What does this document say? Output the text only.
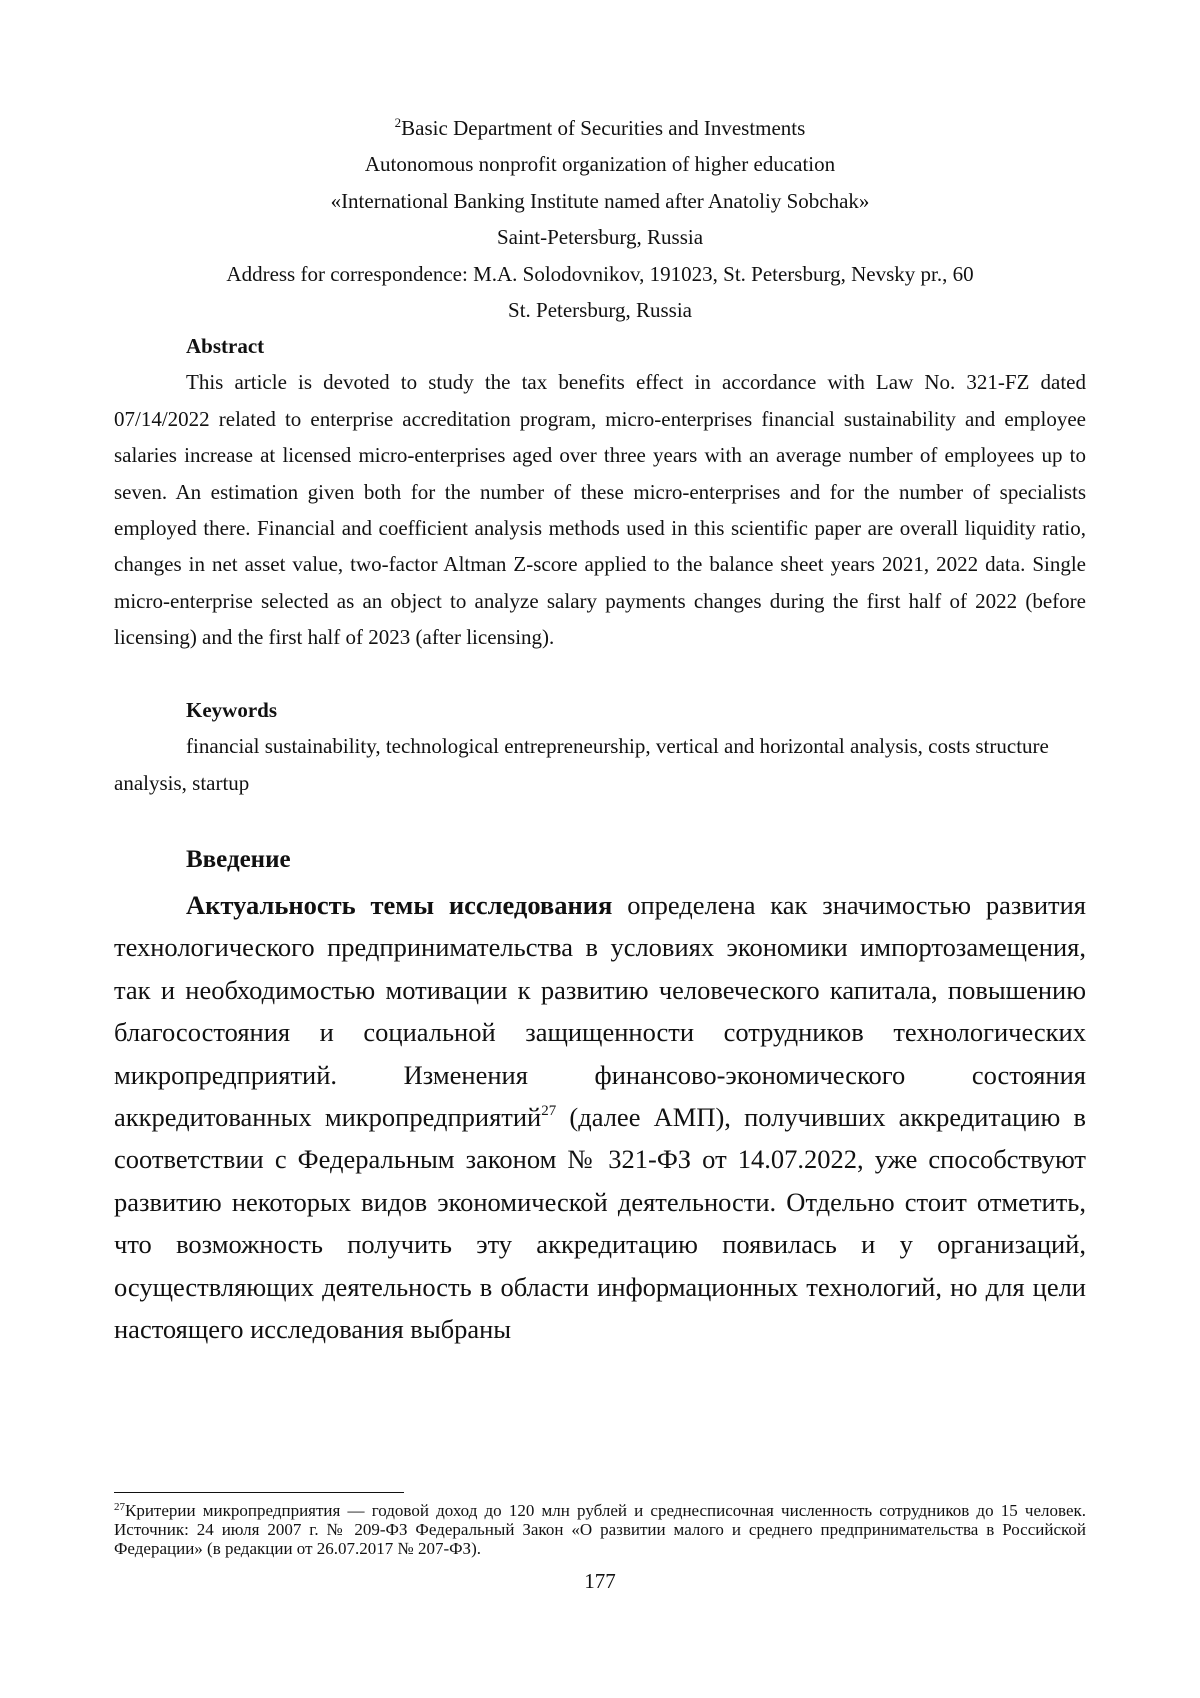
$^2$Basic Department of Securities and Investments
Autonomous nonprofit organization of higher education
«International Banking Institute named after Anatoliy Sobchak»
Saint-Petersburg, Russia
Address for correspondence: M.A. Solodovnikov, 191023, St. Petersburg, Nevsky pr., 60
St. Petersburg, Russia
Abstract

This article is devoted to study the tax benefits effect in accordance with Law No. 321-FZ dated 07/14/2022 related to enterprise accreditation program, micro-enterprises financial sustainability and employee salaries increase at licensed micro-enterprises aged over three years with an average number of employees up to seven. An estimation given both for the number of these micro-enterprises and for the number of specialists employed there. Financial and coefficient analysis methods used in this scientific paper are overall liquidity ratio, changes in net asset value, two-factor Altman Z-score applied to the balance sheet years 2021, 2022 data. Single micro-enterprise selected as an object to analyze salary payments changes during the first half of 2022 (before licensing) and the first half of 2023 (after licensing).

Keywords

financial sustainability, technological entrepreneurship, vertical and horizontal analysis, costs structure analysis, startup

Введение

Актуальность темы исследования определена как значимостью развития технологического предпринимательства в условиях экономики импортозамещения, так и необходимостью мотивации к развитию человеческого капитала, повышению благосостояния и социальной защищенности сотрудников технологических микропредприятий. Изменения финансово-экономического состояния аккредитованных микропредприятий$^{27}$ (далее АМП), получивших аккредитацию в соответствии с Федеральным законом № 321-ФЗ от 14.07.2022, уже способствуют развитию некоторых видов экономической деятельности. Отдельно стоит отметить, что возможность получить эту аккредитацию появилась и у организаций, осуществляющих деятельность в области информационных технологий, но для цели настоящего исследования выбраны

$^{27}$Критерии микропредприятия — годовой доход до 120 млн рублей и среднесписочная численность сотрудников до 15 человек. Источник: 24 июля 2007 г. № 209-ФЗ Федеральный Закон «О развитии малого и среднего предпринимательства в Российской Федерации» (в редакции от 26.07.2017 № 207-ФЗ).

177
